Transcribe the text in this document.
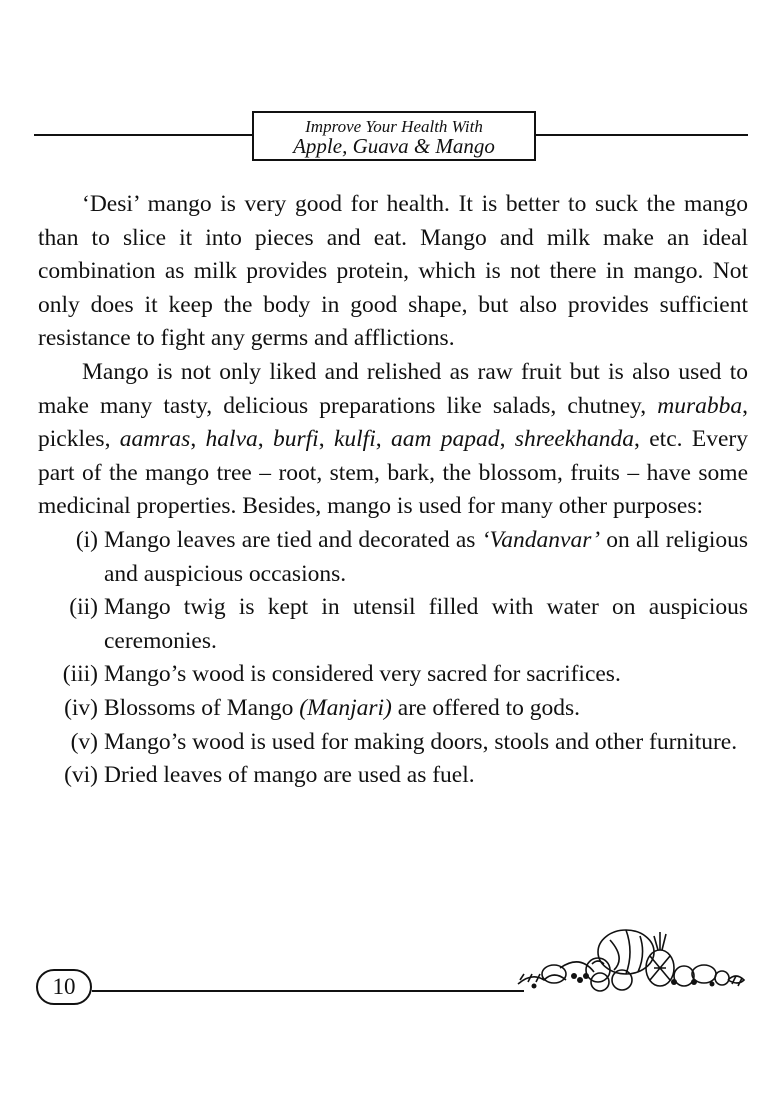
Improve Your Health With
Apple, Guava & Mango

‘Desi’ mango is very good for health. It is better to suck the mango than to slice it into pieces and eat. Mango and milk make an ideal combination as milk provides protein, which is not there in mango. Not only does it keep the body in good shape, but also provides sufficient resistance to fight any germs and afflictions.

Mango is not only liked and relished as raw fruit but is also used to make many tasty, delicious preparations like salads, chutney, murabba, pickles, aamras, halva, burfi, kulfi, aam papad, shreekhanda, etc. Every part of the mango tree – root, stem, bark, the blossom, fruits – have some medicinal properties. Besides, mango is used for many other purposes:

(i) Mango leaves are tied and decorated as ‘Vandanvar’ on all religious and auspicious occasions.
(ii) Mango twig is kept in utensil filled with water on auspicious ceremonies.
(iii) Mango’s wood is considered very sacred for sacrifices.
(iv) Blossoms of Mango (Manjari) are offered to gods.
(v) Mango’s wood is used for making doors, stools and other furniture.
(vi) Dried leaves of mango are used as fuel.
10
